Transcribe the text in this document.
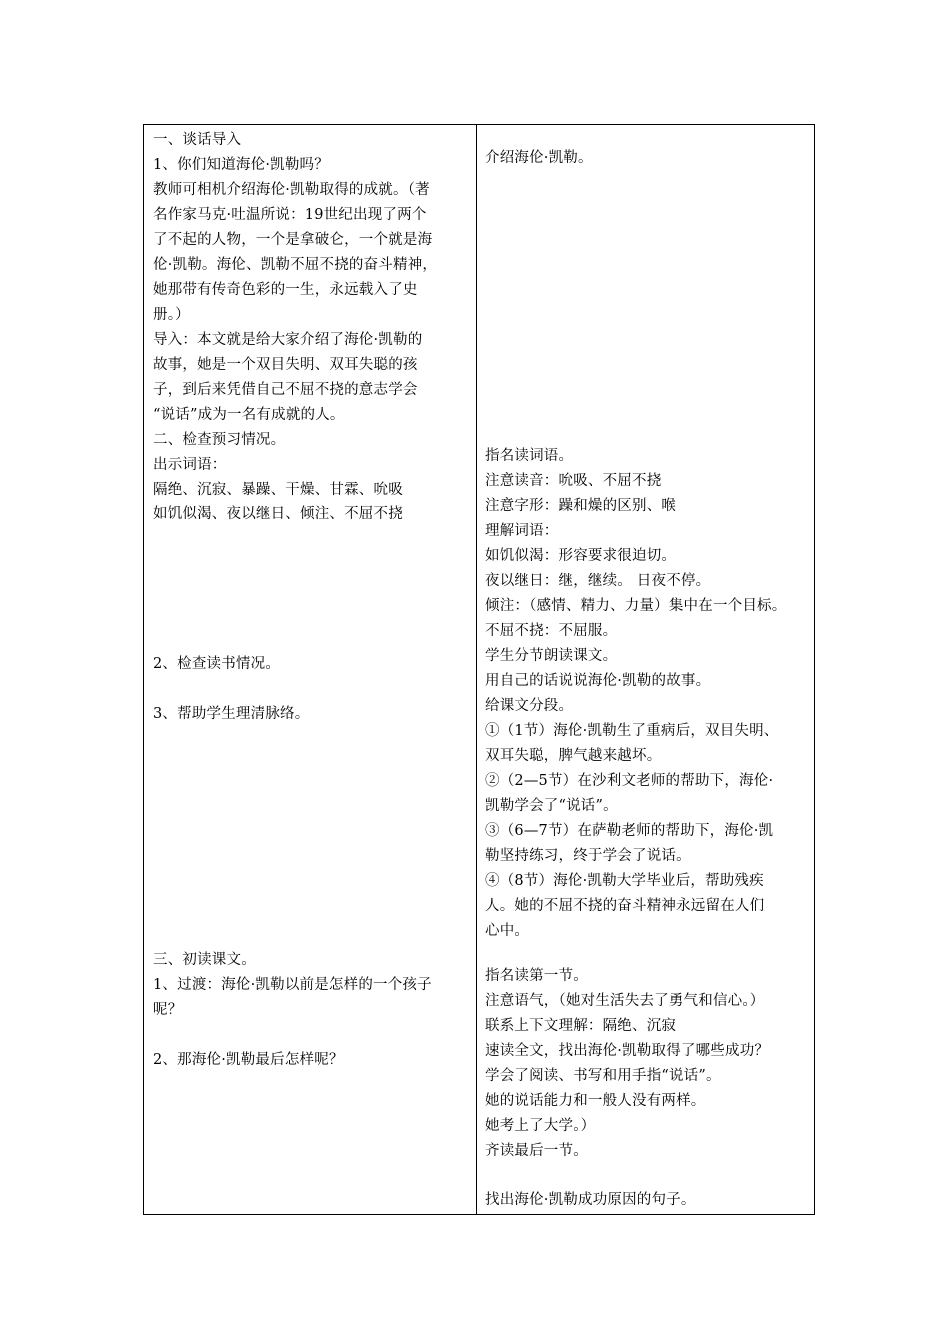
一、谈话导入
1、你们知道海伦·凯勒吗？
教师可相机介绍海伦·凯勒取得的成就。（著
名作家马克·吐温所说：19世纪出现了两个
了不起的人物，一个是拿破仑，一个就是海
伦·凯勒。海伦、凯勒不屈不挠的奋斗精神，
她那带有传奇色彩的一生，永远载入了史
册。）
导入：本文就是给大家介绍了海伦·凯勒的
故事，她是一个双目失明、双耳失聪的孩
子，到后来凭借自己不屈不挠的意志学会
“说话”成为一名有成就的人。
二、检查预习情况。
出示词语：
隔绝、沉寂、暴躁、干燥、甘霖、吮吸
如饥似渴、夜以继日、倾注、不屈不挠
2、检查读书情况。
3、帮助学生理清脉络。
三、初读课文。
1、过渡：海伦·凯勒以前是怎样的一个孩子
呢？
2、那海伦·凯勒最后怎样呢？
介绍海伦·凯勒。
指名读词语。
注意读音：吮吸、不屈不挠
注意字形：躁和燥的区别、喉
理解词语：
如饥似渴：形容要求很迫切。
夜以继日：继，继续。 日夜不停。
倾注：（感情、精力、力量）集中在一个目标。
不屈不挠：不屈服。
学生分节朗读课文。
用自己的话说说海伦·凯勒的故事。
给课文分段。
①（1节）海伦·凯勒生了重病后，双目失明、
双耳失聪，脾气越来越坏。
②（2—5节）在沙利文老师的帮助下，海伦·
凯勒学会了“说话”。
③（6—7节）在萨勒老师的帮助下，海伦·凯
勒坚持练习，终于学会了说话。
④（8节）海伦·凯勒大学毕业后，帮助残疾
人。她的不屈不挠的奋斗精神永远留在人们
心中。
指名读第一节。
注意语气，（她对生活失去了勇气和信心。）
联系上下文理解：隔绝、沉寂
速读全文，找出海伦·凯勒取得了哪些成功？
学会了阅读、书写和用手指“说话”。
她的说话能力和一般人没有两样。
她考上了大学。）
齐读最后一节。
找出海伦·凯勒成功原因的句子。
